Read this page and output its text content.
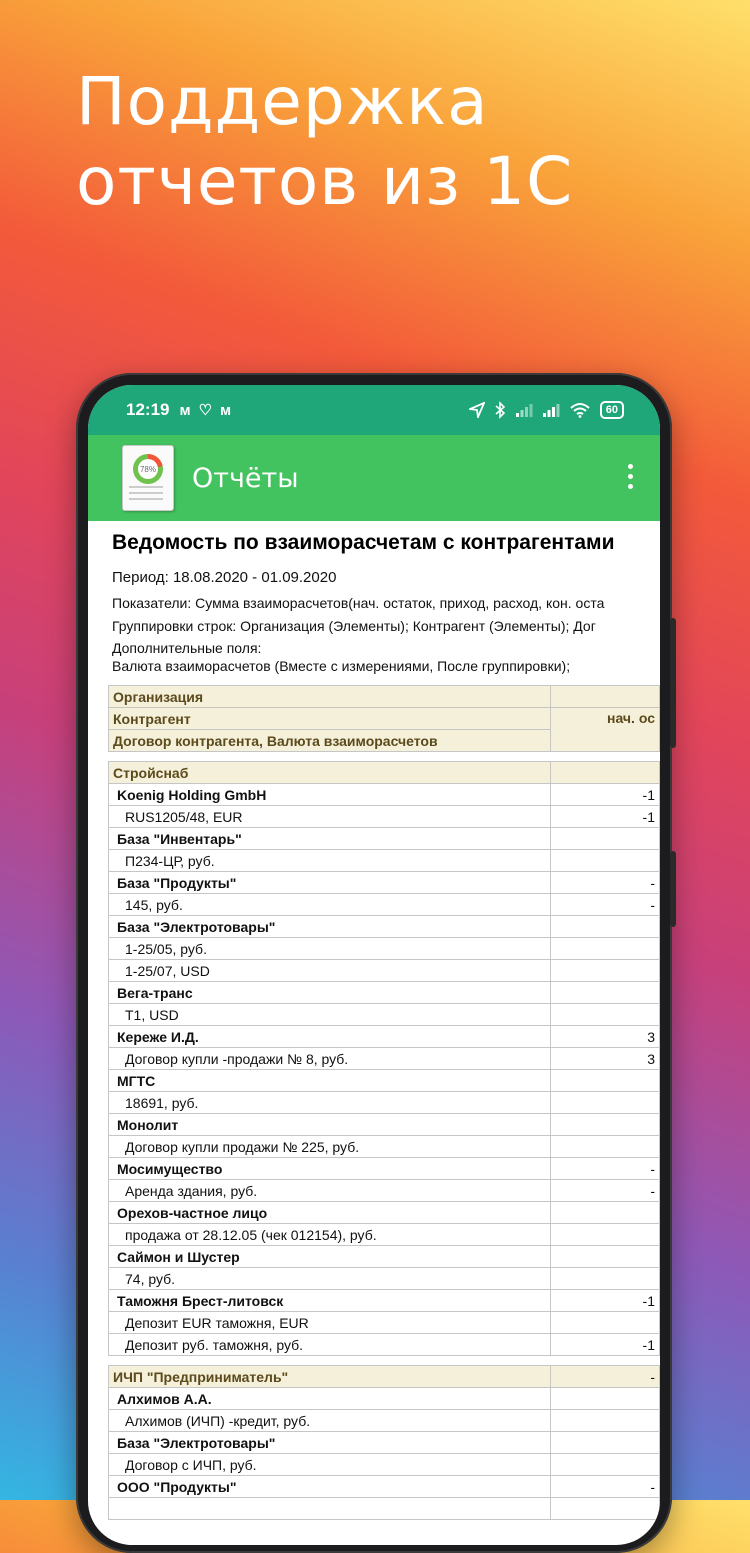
Поддержка
отчетов из 1С
12:19 ᴍ ♡ ᴍ	60
78% Отчёты
Ведомость по взаиморасчетам с контрагентами
Период: 18.08.2020 - 01.09.2020
Показатели: Сумма взаиморасчетов(нач. остаток, приход, расход, кон. оста
Группировки строк: Организация (Элементы); Контрагент (Элементы); Дог
Дополнительные поля:
Валюта взаиморасчетов (Вместе с измерениями, После группировки);
Организация	
Контрагент	нач. ос
Договор контрагента, Валюта взаиморасчетов	

Стройснаб	
Koenig Holding GmbH	-1
RUS1205/48, EUR	-1
База "Инвентарь"	
П234-ЦР, руб.	
База "Продукты"	-
145, руб.	-
База "Электротовары"	
1-25/05, руб.	
1-25/07, USD	
Вега-транс	
Т1, USD	
Кереже И.Д.	3
Договор купли -продажи № 8, руб.	3
МГТС	
18691, руб.	
Монолит	
Договор купли продажи № 225, руб.	
Мосимущество	-
Аренда здания, руб.	-
Орехов-частное лицо	
продажа от 28.12.05 (чек 012154), руб.	
Саймон и Шустер	
74, руб.	
Таможня Брест-литовск	-1
Депозит EUR таможня, EUR	
Депозит руб. таможня, руб.	-1

ИЧП "Предприниматель"	-
Алхимов А.А.	
Алхимов (ИЧП) -кредит, руб.	
База "Электротовары"	
Договор с ИЧП, руб.	
ООО "Продукты"	-
